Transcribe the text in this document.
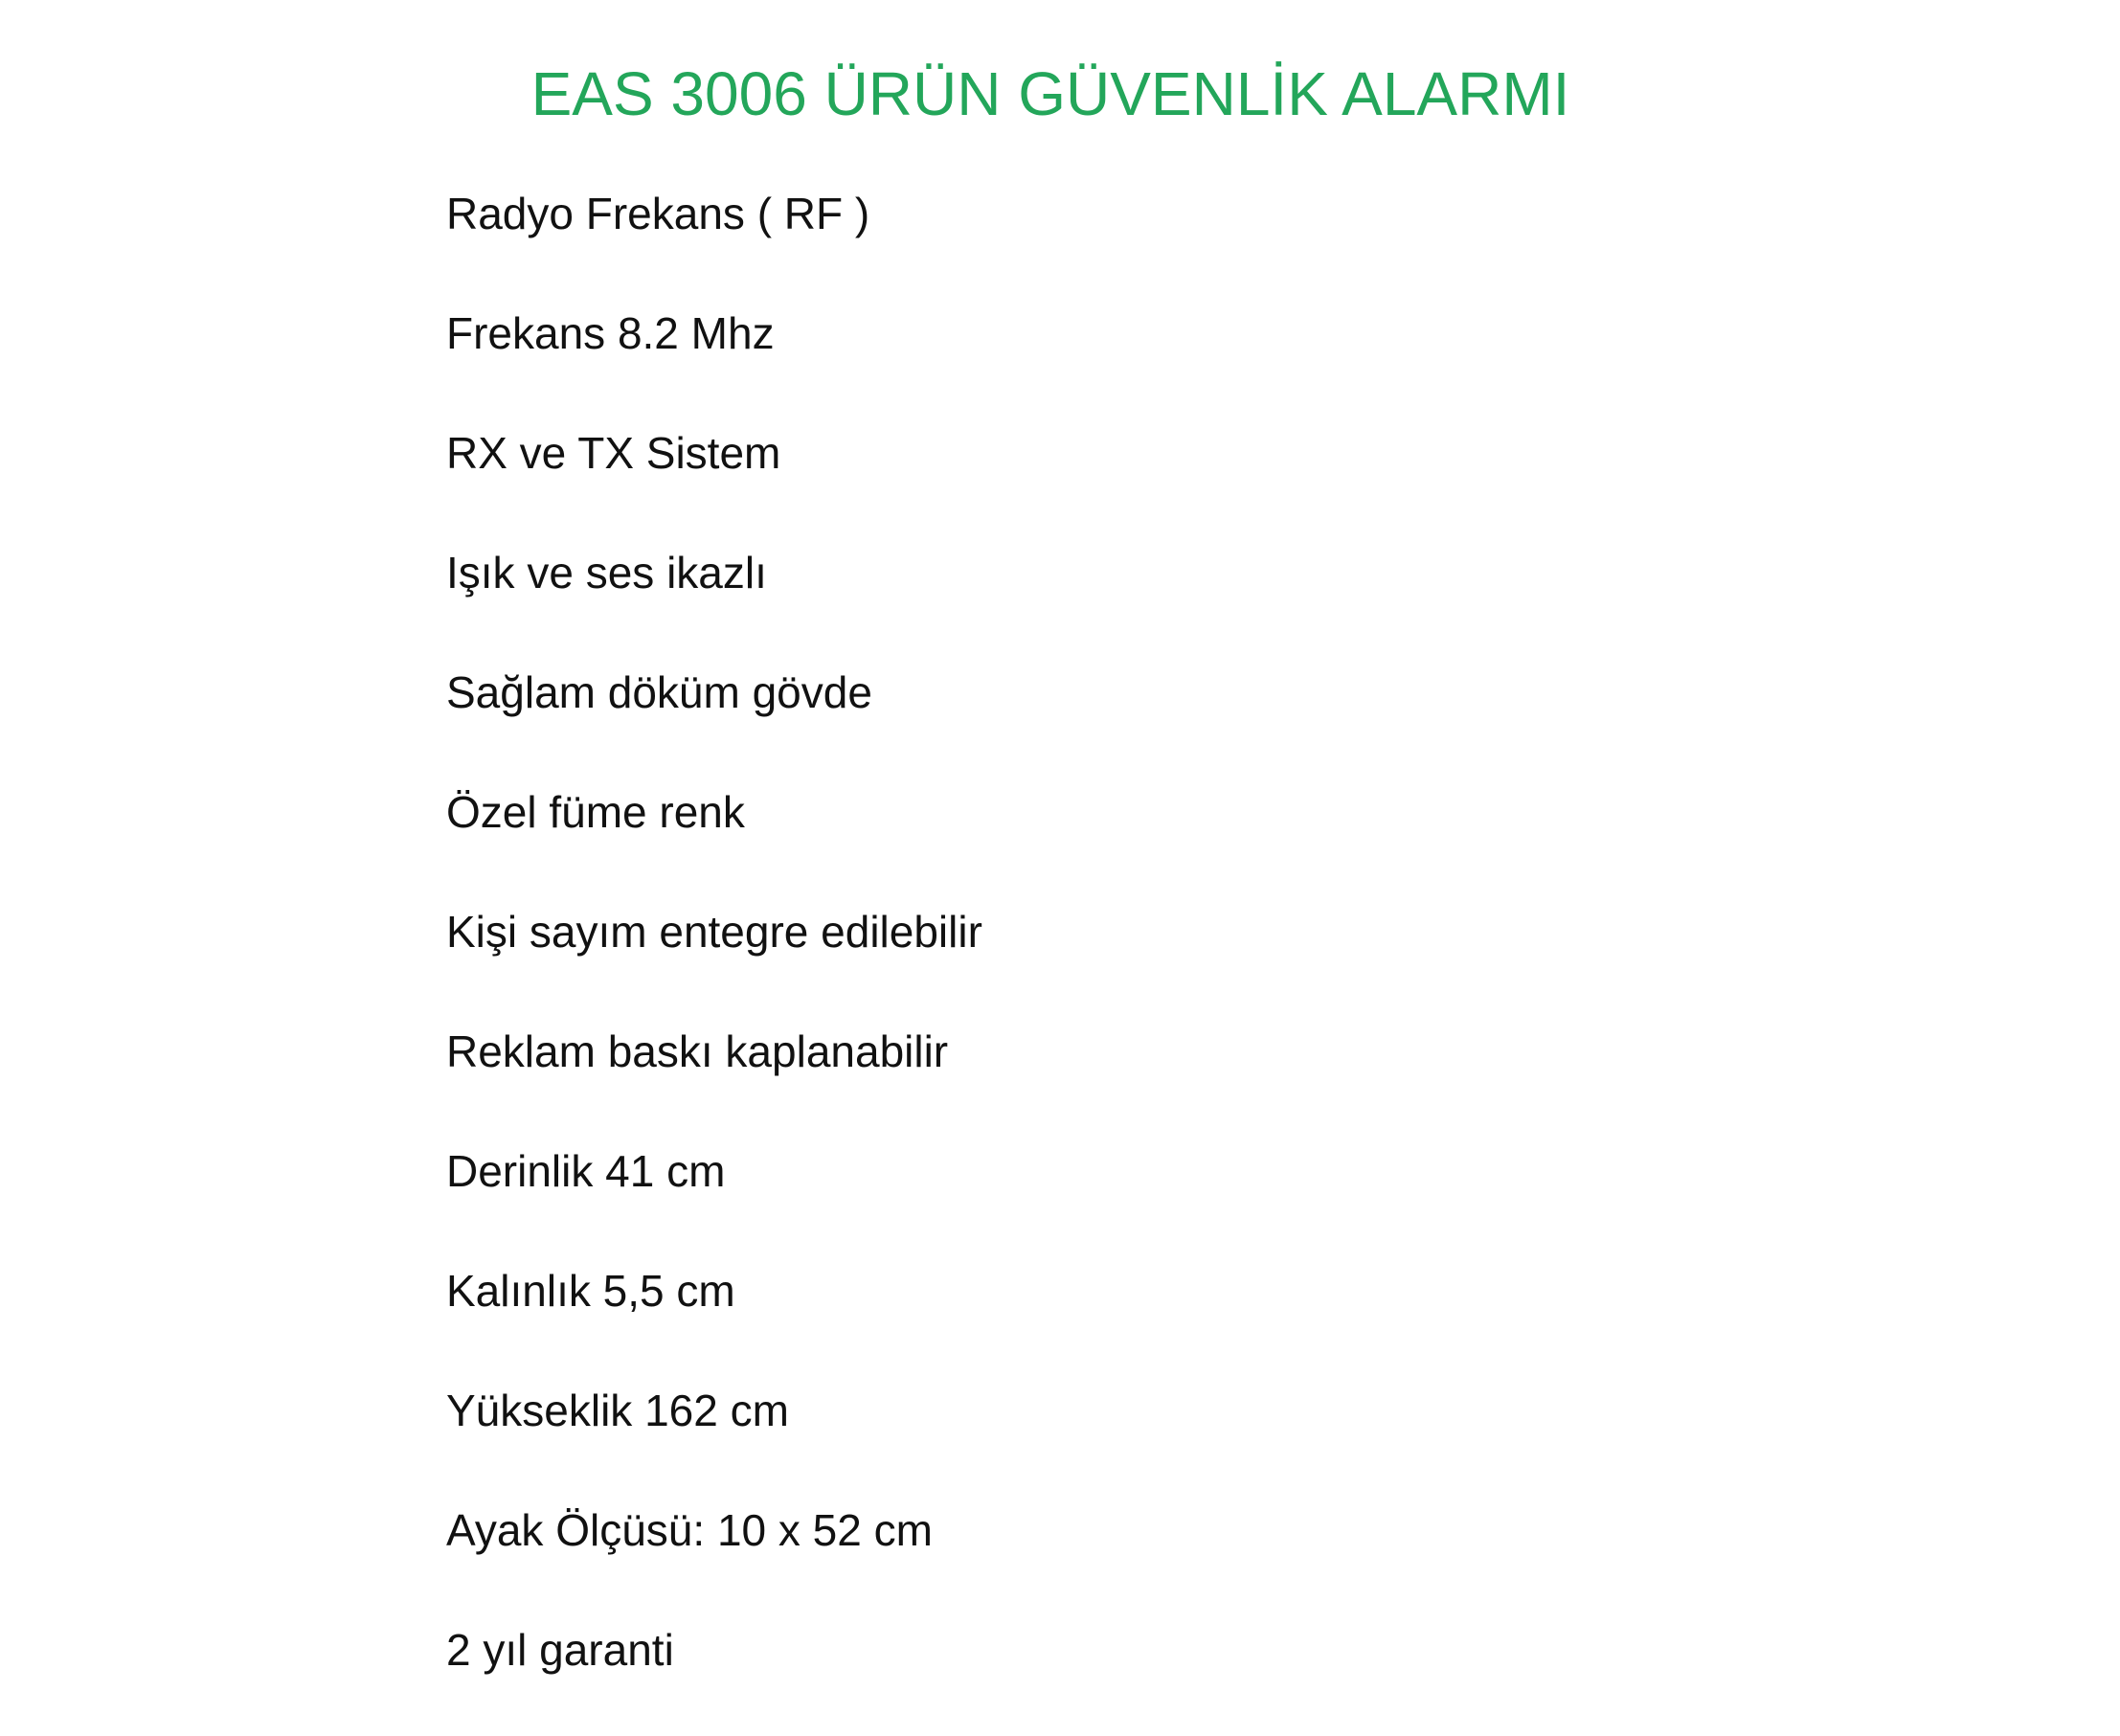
EAS 3006 ÜRÜN GÜVENLİK ALARMI
Radyo Frekans ( RF )
Frekans 8.2 Mhz
RX ve TX Sistem
Işık ve ses ikazlı
Sağlam döküm gövde
Özel füme renk
Kişi sayım entegre edilebilir
Reklam baskı kaplanabilir
Derinlik 41 cm
Kalınlık 5,5 cm
Yükseklik 162 cm
Ayak Ölçüsü: 10 x 52 cm
2 yıl garanti
